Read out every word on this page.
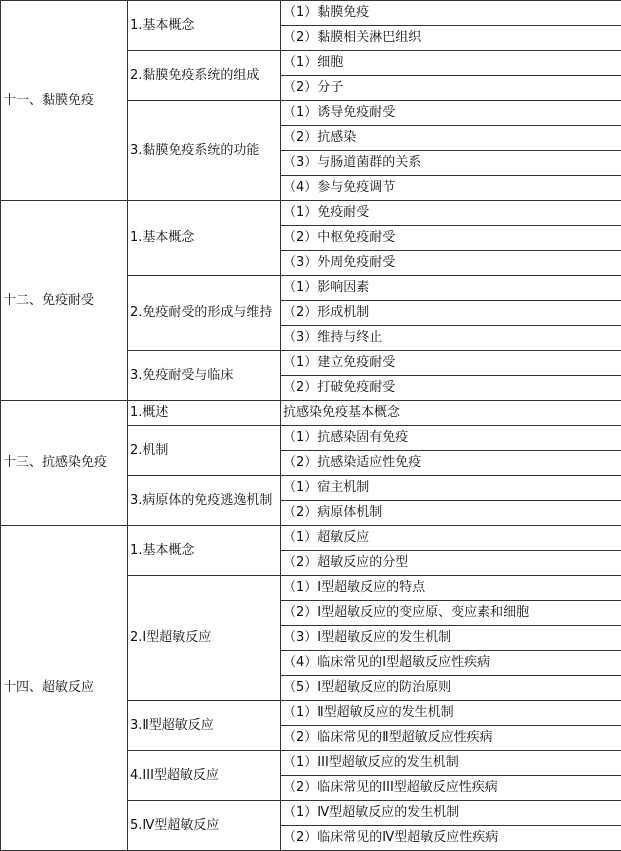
十一、黏膜免疫	1.基本概念	（1）黏膜免疫
		（2）黏膜相关淋巴组织
	2.黏膜免疫系统的组成	（1）细胞
		（2）分子
	3.黏膜免疫系统的功能	（1）诱导免疫耐受
		（2）抗感染
		（3）与肠道菌群的关系
		（4）参与免疫调节
十二、免疫耐受	1.基本概念	（1）免疫耐受
		（2）中枢免疫耐受
		（3）外周免疫耐受
	2.免疫耐受的形成与维持	（1）影响因素
		（2）形成机制
		（3）维持与终止
	3.免疫耐受与临床	（1）建立免疫耐受
		（2）打破免疫耐受
十三、抗感染免疫	1.概述	抗感染免疫基本概念
	2.机制	（1）抗感染固有免疫
		（2）抗感染适应性免疫
	3.病原体的免疫逃逸机制	（1）宿主机制
		（2）病原体机制
十四、超敏反应	1.基本概念	（1）超敏反应
		（2）超敏反应的分型
	2.Ⅰ型超敏反应	（1）Ⅰ型超敏反应的特点
		（2）Ⅰ型超敏反应的变应原、变应素和细胞
		（3）Ⅰ型超敏反应的发生机制
		（4）临床常见的Ⅰ型超敏反应性疾病
		（5）Ⅰ型超敏反应的防治原则
	3.Ⅱ型超敏反应	（1）Ⅱ型超敏反应的发生机制
		（2）临床常见的Ⅱ型超敏反应性疾病
	4.III型超敏反应	（1）III型超敏反应的发生机制
		（2）临床常见的III型超敏反应性疾病
	5.Ⅳ型超敏反应	（1）Ⅳ型超敏反应的发生机制
		（2）临床常见的Ⅳ型超敏反应性疾病
